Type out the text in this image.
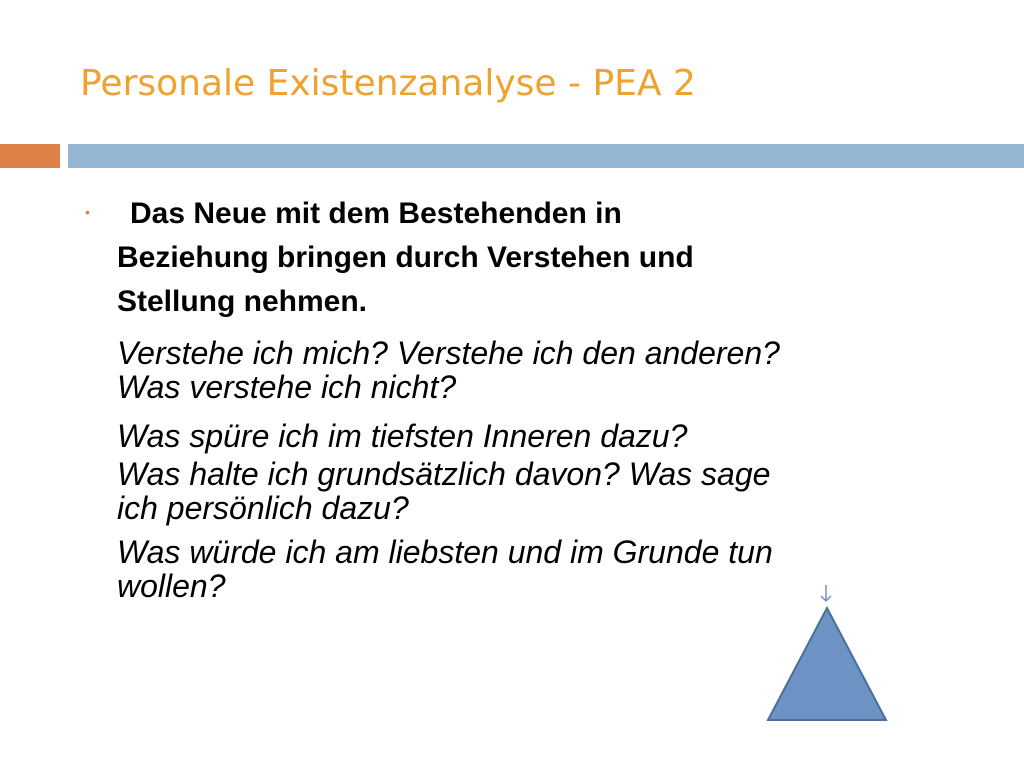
Personale Existenzanalyse - PEA 2
•	Das Neue mit dem Bestehenden in
Beziehung bringen durch Verstehen und
Stellung nehmen.

Verstehe ich mich? Verstehe ich den anderen?
Was verstehe ich nicht?

Was spüre ich im tiefsten Inneren dazu?

Was halte ich grundsätzlich davon? Was sage
ich persönlich dazu?

Was würde ich am liebsten und im Grunde tun
wollen?
